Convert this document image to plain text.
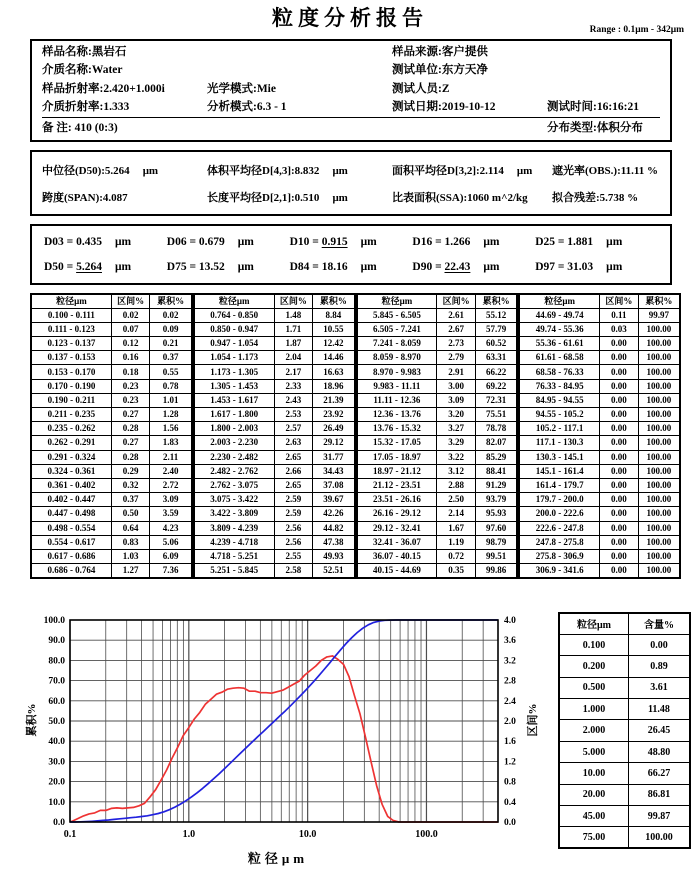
粒度分析报告	Range : 0.1μm - 342μm
样品名称:黑岩石	样品来源:客户提供
介质名称:Water	测试单位:东方天净
样品折射率:2.420+1.000i	光学模式:Mie	测试人员:Z
介质折射率:1.333	分析模式:6.3 - 1	测试日期:2019-10-12	测试时间:16:16:21
备 注: 410 (0:3)	分布类型:体积分布
中位径(D50):5.264 μm	体积平均径D[4,3]:8.832 μm	面积平均径D[3,2]:2.114 μm	遮光率(OBS.):11.11 %
跨度(SPAN):4.087	长度平均径D[2,1]:0.510 μm	比表面积(SSA):1060 m^2/kg	拟合残差:5.738 %
D03 = 0.435 μm	D06 = 0.679 μm	D10 = 0.915 μm	D16 = 1.266 μm	D25 = 1.881 μm
D50 = 5.264 μm	D75 = 13.52 μm	D84 = 18.16 μm	D90 = 22.43 μm	D97 = 31.03 μm
粒径μm	区间%	累积%
0.100 - 0.111	0.02	0.02
0.111 - 0.123	0.07	0.09
0.123 - 0.137	0.12	0.21
0.137 - 0.153	0.16	0.37
0.153 - 0.170	0.18	0.55
0.170 - 0.190	0.23	0.78
0.190 - 0.211	0.23	1.01
0.211 - 0.235	0.27	1.28
0.235 - 0.262	0.28	1.56
0.262 - 0.291	0.27	1.83
0.291 - 0.324	0.28	2.11
0.324 - 0.361	0.29	2.40
0.361 - 0.402	0.32	2.72
0.402 - 0.447	0.37	3.09
0.447 - 0.498	0.50	3.59
0.498 - 0.554	0.64	4.23
0.554 - 0.617	0.83	5.06
0.617 - 0.686	1.03	6.09
0.686 - 0.764	1.27	7.36
粒径μm	区间%	累积%
0.764 - 0.850	1.48	8.84
0.850 - 0.947	1.71	10.55
0.947 - 1.054	1.87	12.42
1.054 - 1.173	2.04	14.46
1.173 - 1.305	2.17	16.63
1.305 - 1.453	2.33	18.96
1.453 - 1.617	2.43	21.39
1.617 - 1.800	2.53	23.92
1.800 - 2.003	2.57	26.49
2.003 - 2.230	2.63	29.12
2.230 - 2.482	2.65	31.77
2.482 - 2.762	2.66	34.43
2.762 - 3.075	2.65	37.08
3.075 - 3.422	2.59	39.67
3.422 - 3.809	2.59	42.26
3.809 - 4.239	2.56	44.82
4.239 - 4.718	2.56	47.38
4.718 - 5.251	2.55	49.93
5.251 - 5.845	2.58	52.51
粒径μm	区间%	累积%
5.845 - 6.505	2.61	55.12
6.505 - 7.241	2.67	57.79
7.241 - 8.059	2.73	60.52
8.059 - 8.970	2.79	63.31
8.970 - 9.983	2.91	66.22
9.983 - 11.11	3.00	69.22
11.11 - 12.36	3.09	72.31
12.36 - 13.76	3.20	75.51
13.76 - 15.32	3.27	78.78
15.32 - 17.05	3.29	82.07
17.05 - 18.97	3.22	85.29
18.97 - 21.12	3.12	88.41
21.12 - 23.51	2.88	91.29
23.51 - 26.16	2.50	93.79
26.16 - 29.12	2.14	95.93
29.12 - 32.41	1.67	97.60
32.41 - 36.07	1.19	98.79
36.07 - 40.15	0.72	99.51
40.15 - 44.69	0.35	99.86
粒径μm	区间%	累积%
44.69 - 49.74	0.11	99.97
49.74 - 55.36	0.03	100.00
55.36 - 61.61	0.00	100.00
61.61 - 68.58	0.00	100.00
68.58 - 76.33	0.00	100.00
76.33 - 84.95	0.00	100.00
84.95 - 94.55	0.00	100.00
94.55 - 105.2	0.00	100.00
105.2 - 117.1	0.00	100.00
117.1 - 130.3	0.00	100.00
130.3 - 145.1	0.00	100.00
145.1 - 161.4	0.00	100.00
161.4 - 179.7	0.00	100.00
179.7 - 200.0	0.00	100.00
200.0 - 222.6	0.00	100.00
222.6 - 247.8	0.00	100.00
247.8 - 275.8	0.00	100.00
275.8 - 306.9	0.00	100.00
306.9 - 341.6	0.00	100.00
0.0
10.0
20.0
30.0
40.0
50.0
60.0
70.0
80.0
90.0
100.0
0.0
0.4
0.8
1.2
1.6
2.0
2.4
2.8
3.2
3.6
4.0
0.1	1.0	10.0	100.0
累积%	区间%
粒径μm
粒径μm	含量%
0.100	0.00
0.200	0.89
0.500	3.61
1.000	11.48
2.000	26.45
5.000	48.80
10.00	66.27
20.00	86.81
45.00	99.87
75.00	100.00
